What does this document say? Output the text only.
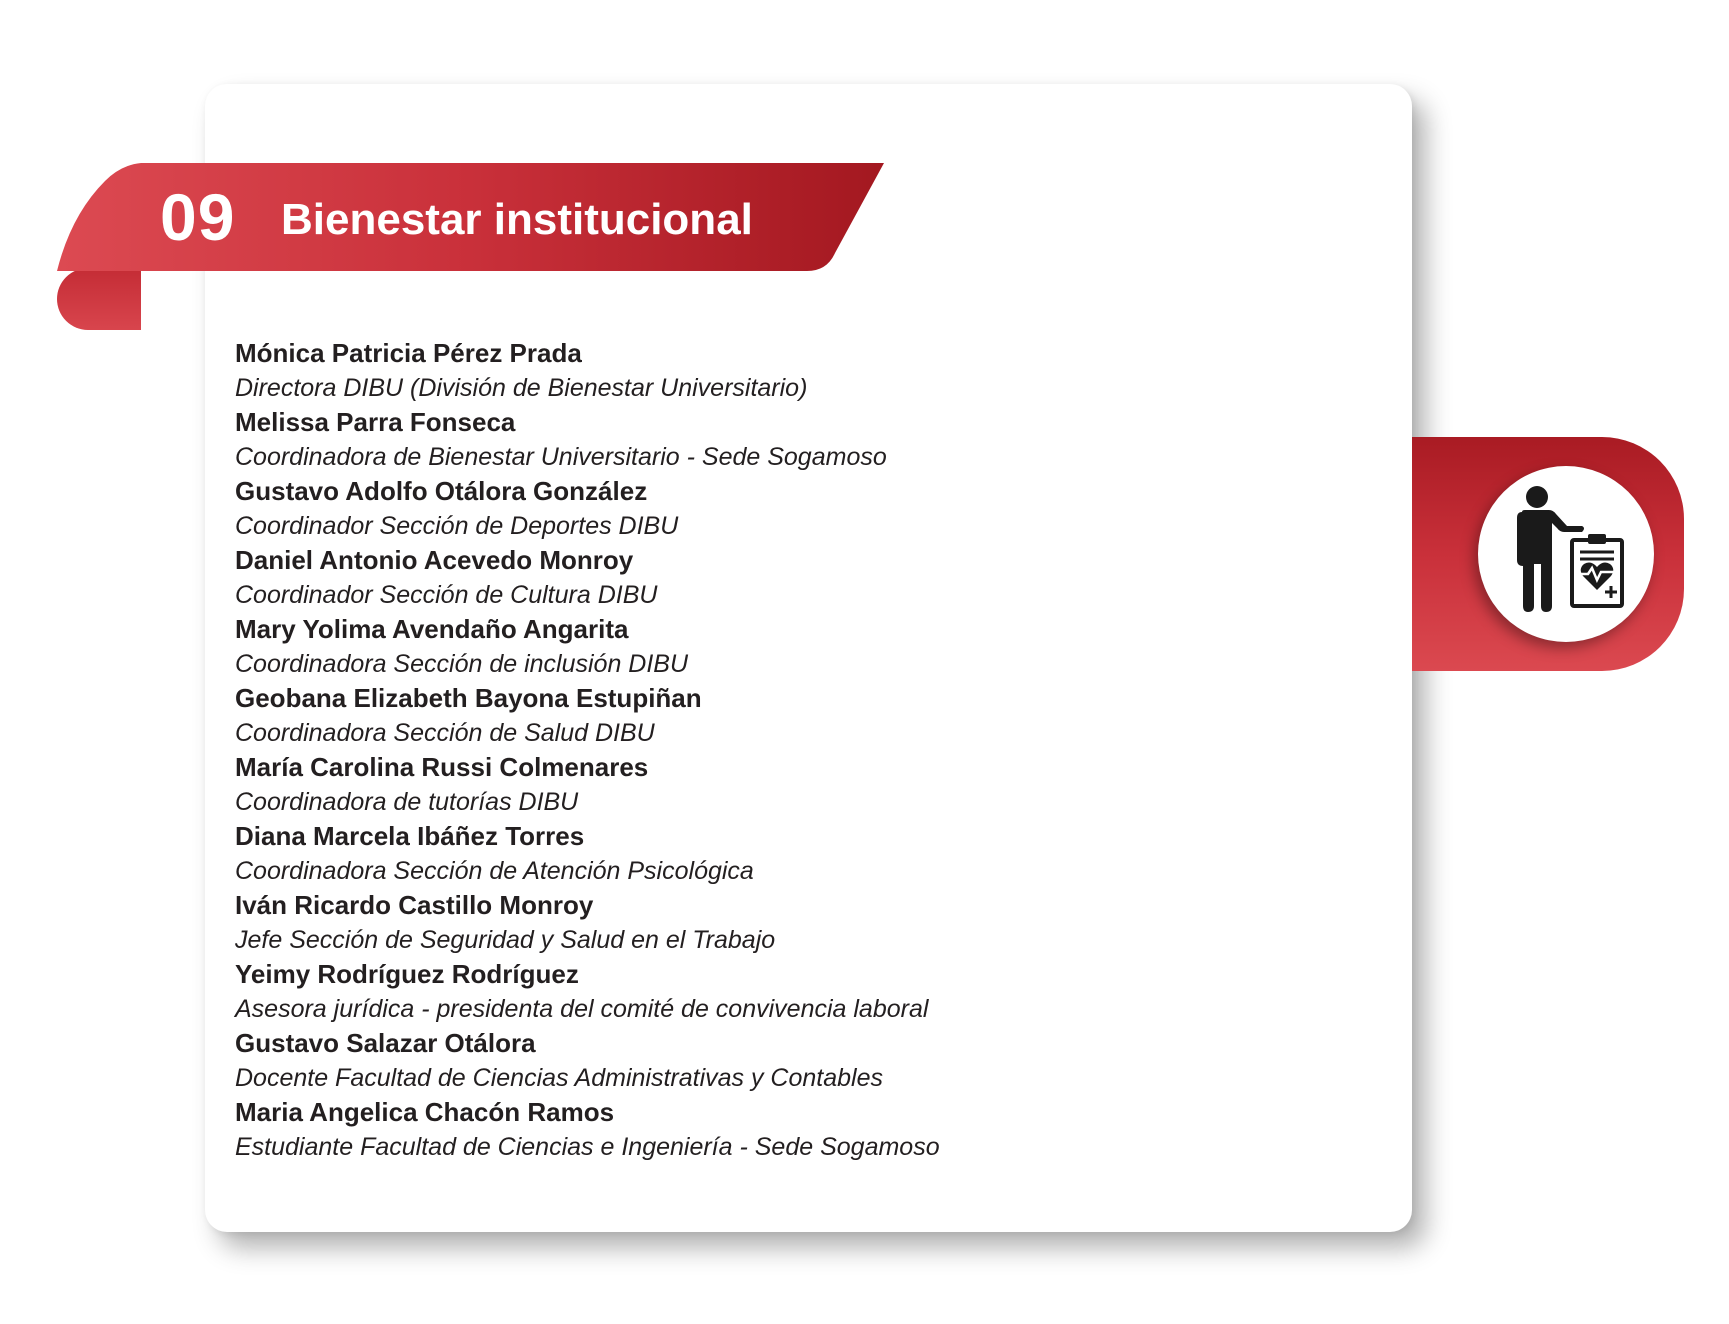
09 Bienestar institucional
Mónica Patricia Pérez Prada
Directora DIBU (División de Bienestar Universitario)
Melissa Parra Fonseca
Coordinadora de Bienestar Universitario - Sede Sogamoso
Gustavo Adolfo Otálora González
Coordinador Sección de Deportes DIBU
Daniel Antonio Acevedo Monroy
Coordinador Sección de Cultura DIBU
Mary Yolima Avendaño Angarita
Coordinadora Sección de inclusión DIBU
Geobana Elizabeth Bayona Estupiñan
Coordinadora Sección de Salud DIBU
María Carolina Russi Colmenares
Coordinadora de tutorías DIBU
Diana Marcela Ibáñez Torres
Coordinadora Sección de Atención Psicológica
Iván Ricardo Castillo Monroy
Jefe Sección de Seguridad y Salud en el Trabajo
Yeimy Rodríguez Rodríguez
Asesora jurídica - presidenta del comité de convivencia laboral
Gustavo Salazar Otálora
Docente Facultad de Ciencias Administrativas y Contables
Maria Angelica Chacón Ramos
Estudiante Facultad de Ciencias e Ingeniería - Sede Sogamoso
